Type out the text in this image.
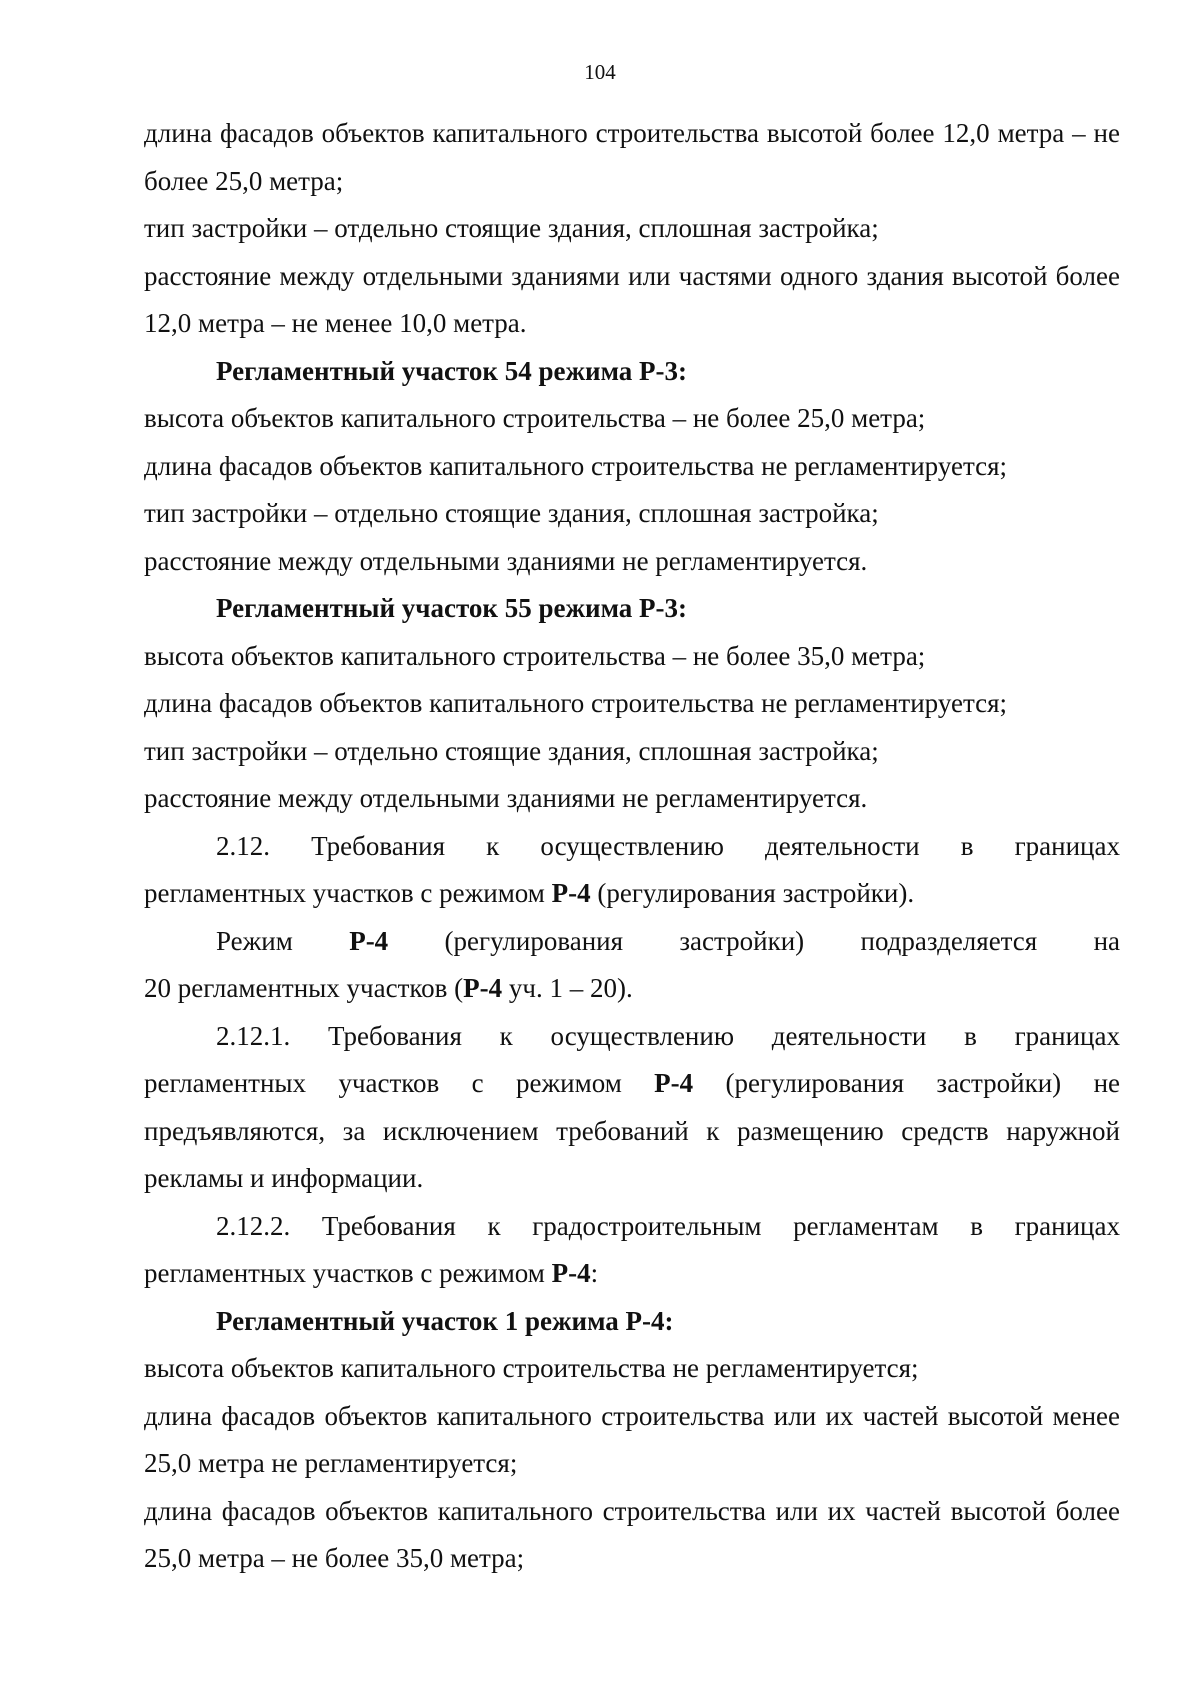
104

длина фасадов объектов капитального строительства высотой более 12,0 метра – не более 25,0 метра;

тип застройки – отдельно стоящие здания, сплошная застройка;

расстояние между отдельными зданиями или частями одного здания высотой более 12,0 метра – не менее 10,0 метра.

Регламентный участок 54 режима Р-3:

высота объектов капитального строительства – не более 25,0 метра;

длина фасадов объектов капитального строительства не регламентируется;

тип застройки – отдельно стоящие здания, сплошная застройка;

расстояние между отдельными зданиями не регламентируется.

Регламентный участок 55 режима Р-3:

высота объектов капитального строительства – не более 35,0 метра;

длина фасадов объектов капитального строительства не регламентируется;

тип застройки – отдельно стоящие здания, сплошная застройка;

расстояние между отдельными зданиями не регламентируется.

2.12. Требования к осуществлению деятельности в границах

регламентных участков с режимом Р-4 (регулирования застройки).

Режим Р-4 (регулирования застройки) подразделяется на

20 регламентных участков (Р-4 уч. 1 – 20).

2.12.1. Требования к осуществлению деятельности в границах

регламентных участков с режимом Р-4 (регулирования застройки) не

предъявляются, за исключением требований к размещению средств наружной рекламы и информации.

2.12.2. Требования к градостроительным регламентам в границах

регламентных участков с режимом Р-4:

Регламентный участок 1 режима Р-4:

высота объектов капитального строительства не регламентируется;

длина фасадов объектов капитального строительства или их частей высотой менее 25,0 метра не регламентируется;

длина фасадов объектов капитального строительства или их частей высотой более 25,0 метра – не более 35,0 метра;
